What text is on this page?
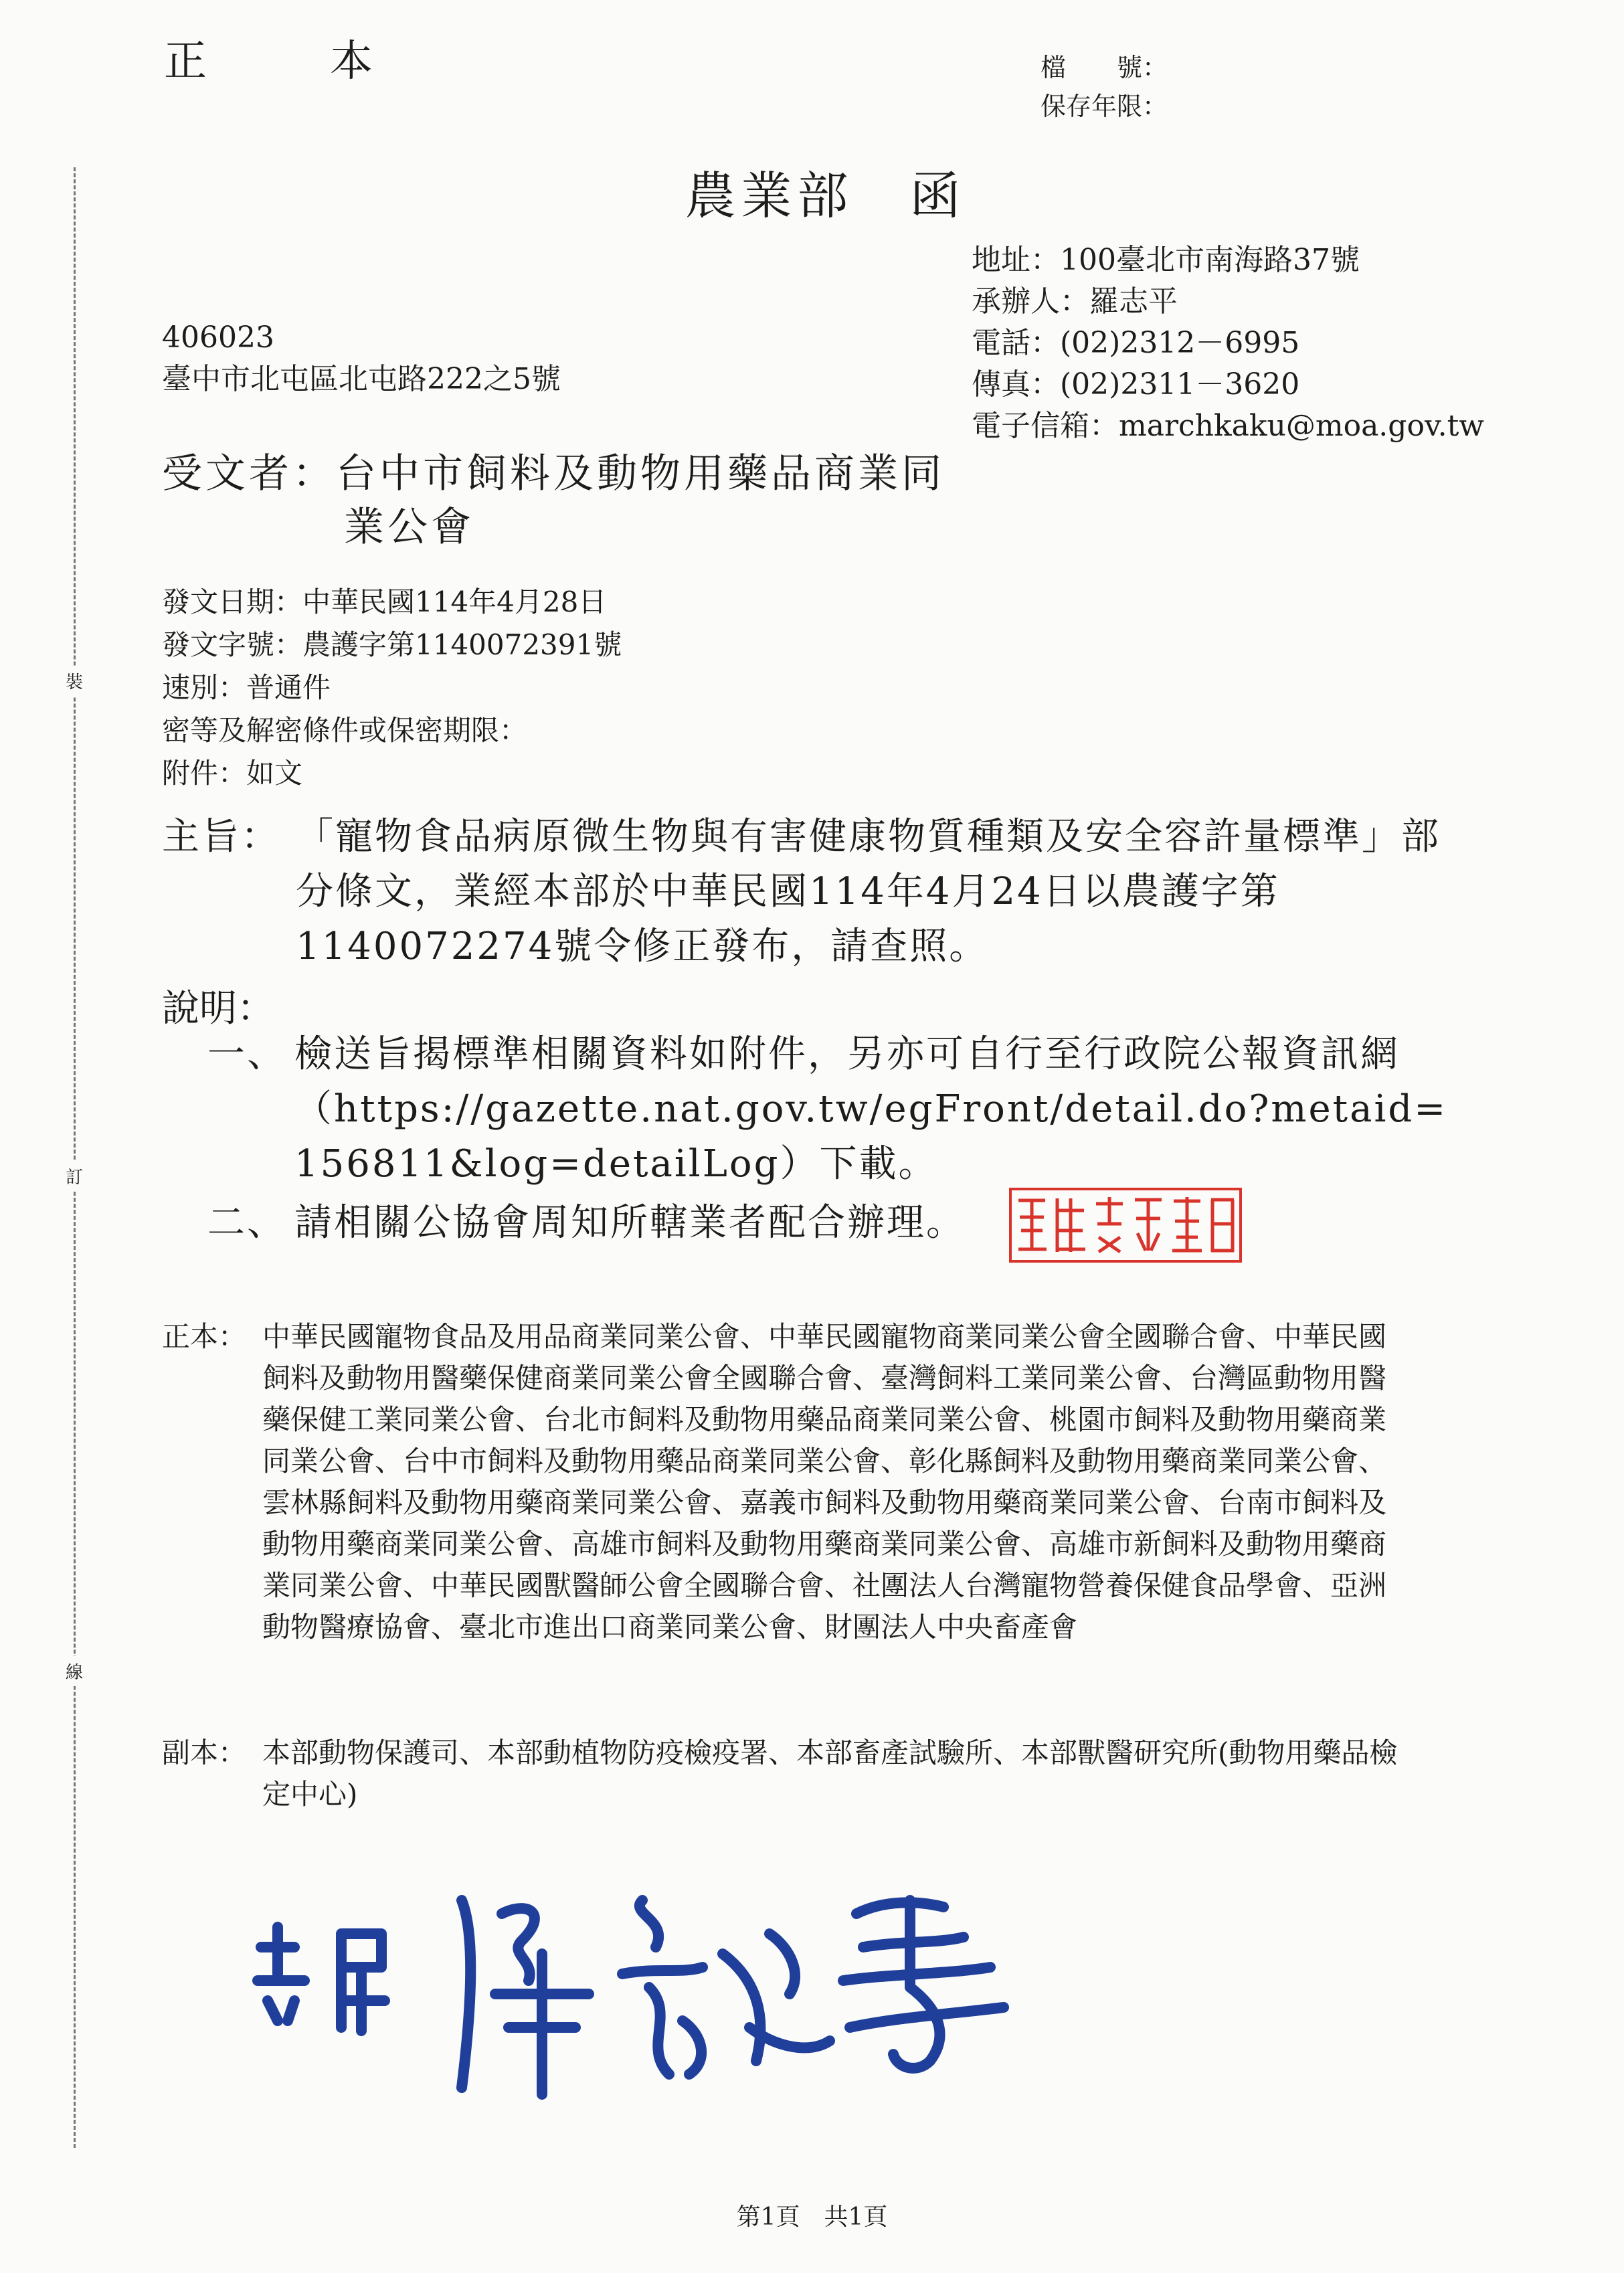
裝
訂
線
正　本	檔　　號：
保存年限：
農業部　函
地址：100臺北市南海路37號
承辦人：羅志平
電話：(02)2312－6995
傳真：(02)2311－3620
電子信箱：marchkaku@moa.gov.tw
406023
臺中市北屯區北屯路222之5號
受文者：台中市飼料及動物用藥品商業同
業公會
發文日期：中華民國114年4月28日
發文字號：農護字第1140072391號
速別：普通件
密等及解密條件或保密期限：
附件：如文
主旨： 「寵物食品病原微生物與有害健康物質種類及安全容許量標準」部分條文，業經本部於中華民國114年4月24日以農護字第1140072274號令修正發布，請查照。
說明：
一、 檢送旨揭標準相關資料如附件，另亦可自行至行政院公報資訊網（https://gazette.nat.gov.tw/egFront/detail.do?metaid=156811&log=detailLog）下載。
二、 請相關公協會周知所轄業者配合辦理。
正本： 中華民國寵物食品及用品商業同業公會、中華民國寵物商業同業公會全國聯合會、中華民國飼料及動物用醫藥保健商業同業公會全國聯合會、臺灣飼料工業同業公會、台灣區動物用醫藥保健工業同業公會、台北市飼料及動物用藥品商業同業公會、桃園市飼料及動物用藥商業同業公會、台中市飼料及動物用藥品商業同業公會、彰化縣飼料及動物用藥商業同業公會、雲林縣飼料及動物用藥商業同業公會、嘉義市飼料及動物用藥商業同業公會、台南市飼料及動物用藥商業同業公會、高雄市飼料及動物用藥商業同業公會、高雄市新飼料及動物用藥商業同業公會、中華民國獸醫師公會全國聯合會、社團法人台灣寵物營養保健食品學會、亞洲動物醫療協會、臺北市進出口商業同業公會、財團法人中央畜產會
副本： 本部動物保護司、本部動植物防疫檢疫署、本部畜產試驗所、本部獸醫研究所(動物用藥品檢定中心)
第1頁　共1頁
